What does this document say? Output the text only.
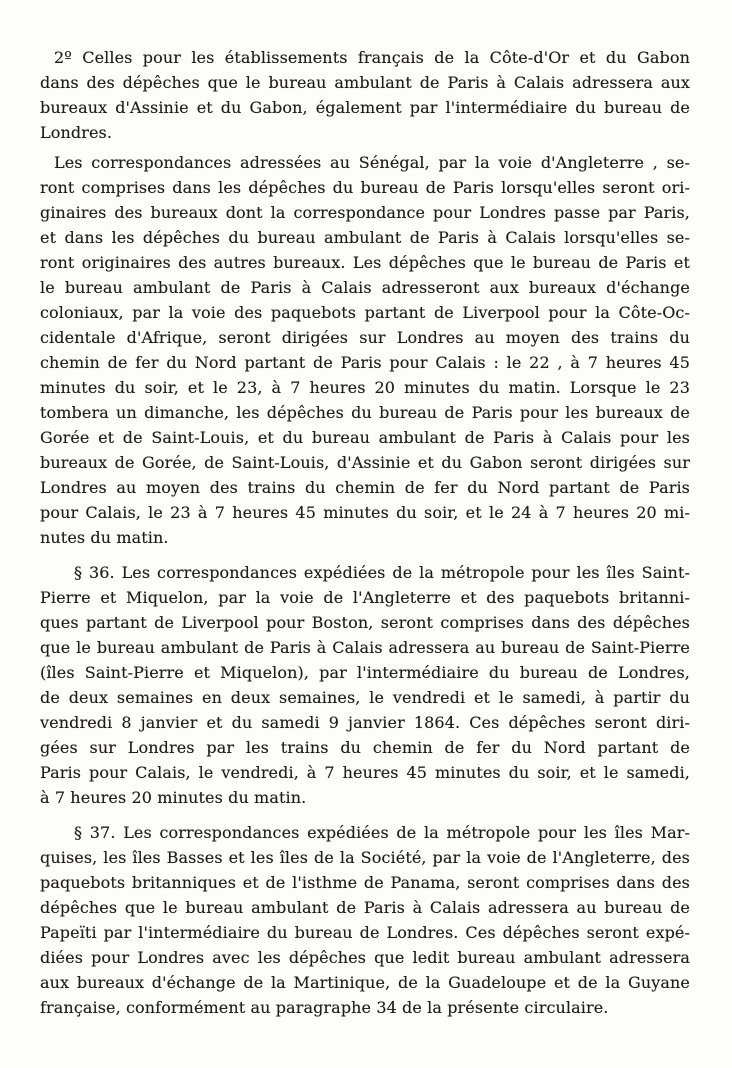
2º Celles pour les établissements français de la Côte-d'Or et du Gabon
dans des dépêches que le bureau ambulant de Paris à Calais adressera aux
bureaux d'Assinie et du Gabon, également par l'intermédiaire du bureau de
Londres.
Les correspondances adressées au Sénégal, par la voie d'Angleterre , se-
ront comprises dans les dépêches du bureau de Paris lorsqu'elles seront ori-
ginaires des bureaux dont la correspondance pour Londres passe par Paris,
et dans les dépêches du bureau ambulant de Paris à Calais lorsqu'elles se-
ront originaires des autres bureaux. Les dépêches que le bureau de Paris et
le bureau ambulant de Paris à Calais adresseront aux bureaux d'échange
coloniaux, par la voie des paquebots partant de Liverpool pour la Côte-Oc-
cidentale d'Afrique, seront dirigées sur Londres au moyen des trains du
chemin de fer du Nord partant de Paris pour Calais : le 22 , à 7 heures 45
minutes du soir, et le 23, à 7 heures 20 minutes du matin. Lorsque le 23
tombera un dimanche, les dépêches du bureau de Paris pour les bureaux de
Gorée et de Saint-Louis, et du bureau ambulant de Paris à Calais pour les
bureaux de Gorée, de Saint-Louis, d'Assinie et du Gabon seront dirigées sur
Londres au moyen des trains du chemin de fer du Nord partant de Paris
pour Calais, le 23 à 7 heures 45 minutes du soir, et le 24 à 7 heures 20 mi-
nutes du matin.
§ 36. Les correspondances expédiées de la métropole pour les îles Saint-
Pierre et Miquelon, par la voie de l'Angleterre et des paquebots britanni-
ques partant de Liverpool pour Boston, seront comprises dans des dépêches
que le bureau ambulant de Paris à Calais adressera au bureau de Saint-Pierre
(îles Saint-Pierre et Miquelon), par l'intermédiaire du bureau de Londres,
de deux semaines en deux semaines, le vendredi et le samedi, à partir du
vendredi 8 janvier et du samedi 9 janvier 1864. Ces dépêches seront diri-
gées sur Londres par les trains du chemin de fer du Nord partant de
Paris pour Calais, le vendredi, à 7 heures 45 minutes du soir, et le samedi,
à 7 heures 20 minutes du matin.
§ 37. Les correspondances expédiées de la métropole pour les îles Mar-
quises, les îles Basses et les îles de la Société, par la voie de l'Angleterre, des
paquebots britanniques et de l'isthme de Panama, seront comprises dans des
dépêches que le bureau ambulant de Paris à Calais adressera au bureau de
Papeïti par l'intermédiaire du bureau de Londres. Ces dépêches seront expé-
diées pour Londres avec les dépêches que ledit bureau ambulant adressera
aux bureaux d'échange de la Martinique, de la Guadeloupe et de la Guyane
française, conformément au paragraphe 34 de la présente circulaire.
